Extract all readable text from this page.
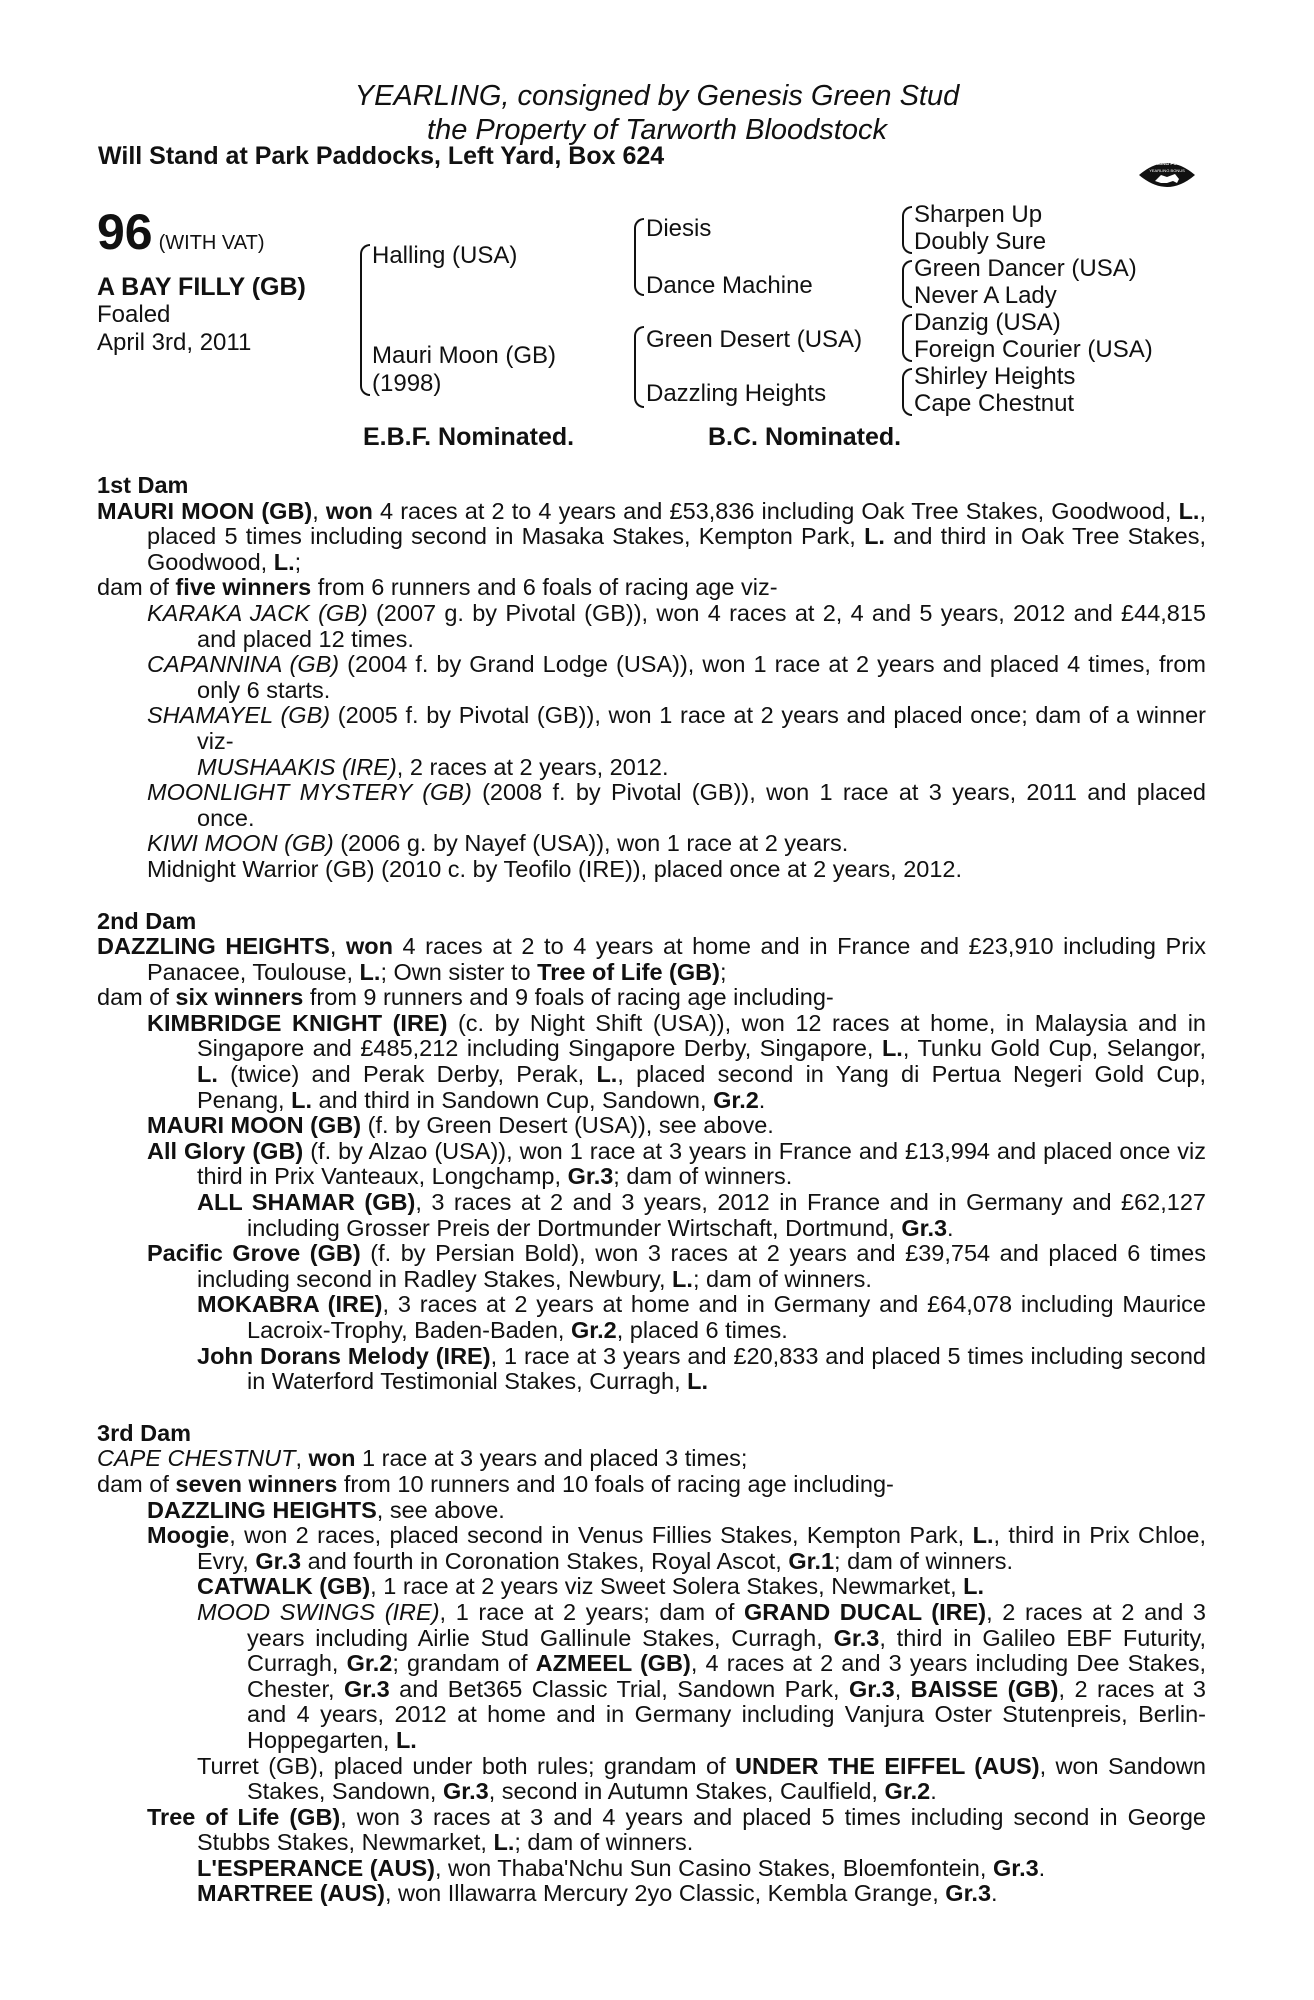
YEARLING, consigned by Genesis Green Stud
the Property of Tarworth Bloodstock
Will Stand at Park Paddocks, Left Yard, Box 624	RACING POST
YEARLING BONUS
£10,000
96 (WITH VAT)
A BAY FILLY (GB)
Foaled
April 3rd, 2011
Halling (USA)
Mauri Moon (GB)
(1998)
Diesis
Dance Machine
Green Desert (USA)
Dazzling Heights
Sharpen Up
Doubly Sure
Green Dancer (USA)
Never A Lady
Danzig (USA)
Foreign Courier (USA)
Shirley Heights
Cape Chestnut
E.B.F. Nominated.	B.C. Nominated.
1st Dam

MAURI MOON (GB), won 4 races at 2 to 4 years and £53,836 including Oak Tree Stakes, Goodwood, L., placed 5 times including second in Masaka Stakes, Kempton Park, L. and third in Oak Tree Stakes, Goodwood, L.;

dam of five winners from 6 runners and 6 foals of racing age viz-

KARAKA JACK (GB) (2007 g. by Pivotal (GB)), won 4 races at 2, 4 and 5 years, 2012 and £44,815 and placed 12 times.

CAPANNINA (GB) (2004 f. by Grand Lodge (USA)), won 1 race at 2 years and placed 4 times, from only 6 starts.

SHAMAYEL (GB) (2005 f. by Pivotal (GB)), won 1 race at 2 years and placed once; dam of a winner viz-

MUSHAAKIS (IRE), 2 races at 2 years, 2012.

MOONLIGHT MYSTERY (GB) (2008 f. by Pivotal (GB)), won 1 race at 3 years, 2011 and placed once.

KIWI MOON (GB) (2006 g. by Nayef (USA)), won 1 race at 2 years.

Midnight Warrior (GB) (2010 c. by Teofilo (IRE)), placed once at 2 years, 2012.

2nd Dam

DAZZLING HEIGHTS, won 4 races at 2 to 4 years at home and in France and £23,910 including Prix Panacee, Toulouse, L.; Own sister to Tree of Life (GB);

dam of six winners from 9 runners and 9 foals of racing age including-

KIMBRIDGE KNIGHT (IRE) (c. by Night Shift (USA)), won 12 races at home, in Malaysia and in Singapore and £485,212 including Singapore Derby, Singapore, L., Tunku Gold Cup, Selangor, L. (twice) and Perak Derby, Perak, L., placed second in Yang di Pertua Negeri Gold Cup, Penang, L. and third in Sandown Cup, Sandown, Gr.2.

MAURI MOON (GB) (f. by Green Desert (USA)), see above.

All Glory (GB) (f. by Alzao (USA)), won 1 race at 3 years in France and £13,994 and placed once viz third in Prix Vanteaux, Longchamp, Gr.3; dam of winners.

ALL SHAMAR (GB), 3 races at 2 and 3 years, 2012 in France and in Germany and £62,127 including Grosser Preis der Dortmunder Wirtschaft, Dortmund, Gr.3.

Pacific Grove (GB) (f. by Persian Bold), won 3 races at 2 years and £39,754 and placed 6 times including second in Radley Stakes, Newbury, L.; dam of winners.

MOKABRA (IRE), 3 races at 2 years at home and in Germany and £64,078 including Maurice Lacroix-Trophy, Baden-Baden, Gr.2, placed 6 times.

John Dorans Melody (IRE), 1 race at 3 years and £20,833 and placed 5 times including second in Waterford Testimonial Stakes, Curragh, L.

3rd Dam

CAPE CHESTNUT, won 1 race at 3 years and placed 3 times;

dam of seven winners from 10 runners and 10 foals of racing age including-

DAZZLING HEIGHTS, see above.

Moogie, won 2 races, placed second in Venus Fillies Stakes, Kempton Park, L., third in Prix Chloe, Evry, Gr.3 and fourth in Coronation Stakes, Royal Ascot, Gr.1; dam of winners.

CATWALK (GB), 1 race at 2 years viz Sweet Solera Stakes, Newmarket, L.

MOOD SWINGS (IRE), 1 race at 2 years; dam of GRAND DUCAL (IRE), 2 races at 2 and 3 years including Airlie Stud Gallinule Stakes, Curragh, Gr.3, third in Galileo EBF Futurity, Curragh, Gr.2; grandam of AZMEEL (GB), 4 races at 2 and 3 years including Dee Stakes, Chester, Gr.3 and Bet365 Classic Trial, Sandown Park, Gr.3, BAISSE (GB), 2 races at 3 and 4 years, 2012 at home and in Germany including Vanjura Oster Stutenpreis, Berlin-Hoppegarten, L.

Turret (GB), placed under both rules; grandam of UNDER THE EIFFEL (AUS), won Sandown Stakes, Sandown, Gr.3, second in Autumn Stakes, Caulfield, Gr.2.

Tree of Life (GB), won 3 races at 3 and 4 years and placed 5 times including second in George Stubbs Stakes, Newmarket, L.; dam of winners.

L'ESPERANCE (AUS), won Thaba'Nchu Sun Casino Stakes, Bloemfontein, Gr.3.

MARTREE (AUS), won Illawarra Mercury 2yo Classic, Kembla Grange, Gr.3.
